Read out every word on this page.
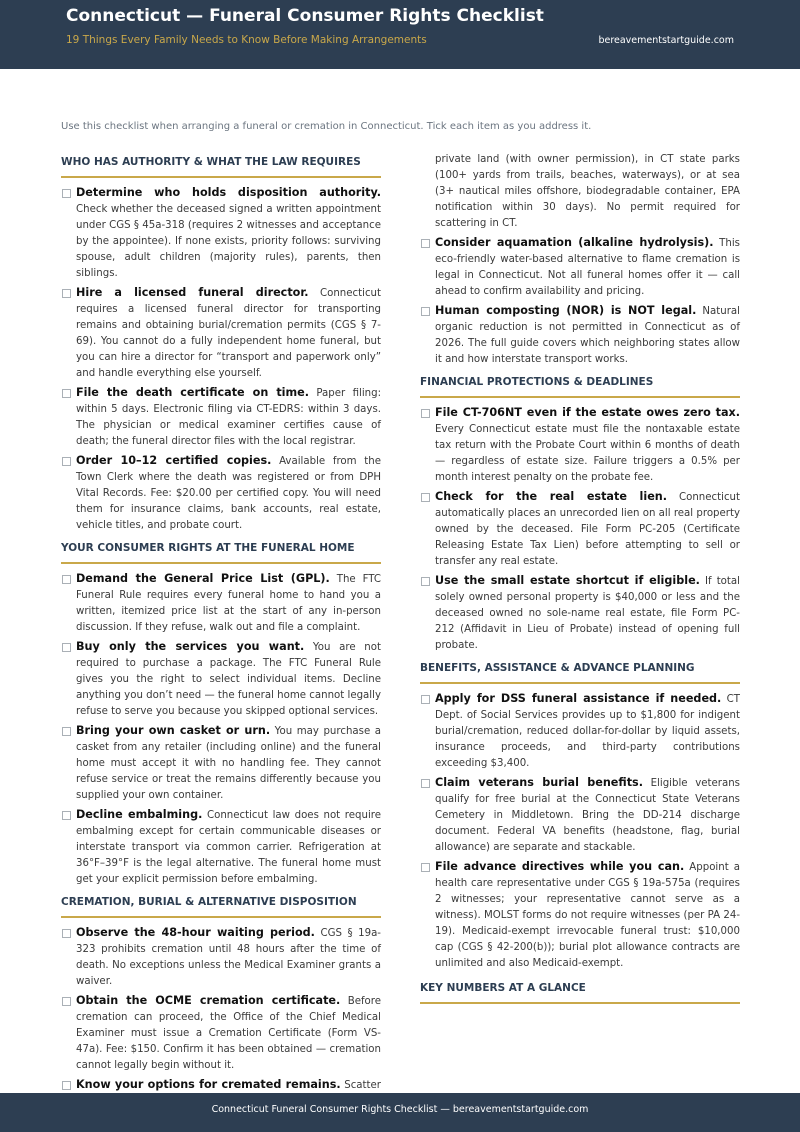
Connecticut — Funeral Consumer Rights Checklist
19 Things Every Family Needs to Know Before Making Arrangements	bereavementstartguide.com
Use this checklist when arranging a funeral or cremation in Connecticut. Tick each item as you address it.
WHO HAS AUTHORITY & WHAT THE LAW REQUIRES
Determine who holds disposition authority. Check whether the deceased signed a written appointment under CGS § 45a-318 (requires 2 witnesses and acceptance by the appointee). If none exists, priority follows: surviving spouse, adult children (majority rules), parents, then siblings.
Hire a licensed funeral director. Connecticut requires a licensed funeral director for transporting remains and obtaining burial/cremation permits (CGS § 7-69). You cannot do a fully independent home funeral, but you can hire a director for “transport and paperwork only” and handle everything else yourself.
File the death certificate on time. Paper filing: within 5 days. Electronic filing via CT-EDRS: within 3 days. The physician or medical examiner certifies cause of death; the funeral director files with the local registrar.
Order 10–12 certified copies. Available from the Town Clerk where the death was registered or from DPH Vital Records. Fee: $20.00 per certified copy. You will need them for insurance claims, bank accounts, real estate, vehicle titles, and probate court.
YOUR CONSUMER RIGHTS AT THE FUNERAL HOME
Demand the General Price List (GPL). The FTC Funeral Rule requires every funeral home to hand you a written, itemized price list at the start of any in-person discussion. If they refuse, walk out and file a complaint.
Buy only the services you want. You are not required to purchase a package. The FTC Funeral Rule gives you the right to select individual items. Decline anything you don’t need — the funeral home cannot legally refuse to serve you because you skipped optional services.
Bring your own casket or urn. You may purchase a casket from any retailer (including online) and the funeral home must accept it with no handling fee. They cannot refuse service or treat the remains differently because you supplied your own container.
Decline embalming. Connecticut law does not require embalming except for certain communicable diseases or interstate transport via common carrier. Refrigeration at 36°F–39°F is the legal alternative. The funeral home must get your explicit permission before embalming.
CREMATION, BURIAL & ALTERNATIVE DISPOSITION
Observe the 48-hour waiting period. CGS § 19a-323 prohibits cremation until 48 hours after the time of death. No exceptions unless the Medical Examiner grants a waiver.
Obtain the OCME cremation certificate. Before cremation can proceed, the Office of the Chief Medical Examiner must issue a Cremation Certificate (Form VS-47a). Fee: $150. Confirm it has been obtained — cremation cannot legally begin without it.
Know your options for cremated remains. Scatter
private land (with owner permission), in CT state parks (100+ yards from trails, beaches, waterways), or at sea (3+ nautical miles offshore, biodegradable container, EPA notification within 30 days). No permit required for scattering in CT.
Consider aquamation (alkaline hydrolysis). This eco-friendly water-based alternative to flame cremation is legal in Connecticut. Not all funeral homes offer it — call ahead to confirm availability and pricing.
Human composting (NOR) is NOT legal. Natural organic reduction is not permitted in Connecticut as of 2026. The full guide covers which neighboring states allow it and how interstate transport works.
FINANCIAL PROTECTIONS & DEADLINES
File CT-706NT even if the estate owes zero tax. Every Connecticut estate must file the nontaxable estate tax return with the Probate Court within 6 months of death — regardless of estate size. Failure triggers a 0.5% per month interest penalty on the probate fee.
Check for the real estate lien. Connecticut automatically places an unrecorded lien on all real property owned by the deceased. File Form PC-205 (Certificate Releasing Estate Tax Lien) before attempting to sell or transfer any real estate.
Use the small estate shortcut if eligible. If total solely owned personal property is $40,000 or less and the deceased owned no sole-name real estate, file Form PC-212 (Affidavit in Lieu of Probate) instead of opening full probate.
BENEFITS, ASSISTANCE & ADVANCE PLANNING
Apply for DSS funeral assistance if needed. CT Dept. of Social Services provides up to $1,800 for indigent burial/cremation, reduced dollar-for-dollar by liquid assets, insurance proceeds, and third-party contributions exceeding $3,400.
Claim veterans burial benefits. Eligible veterans qualify for free burial at the Connecticut State Veterans Cemetery in Middletown. Bring the DD-214 discharge document. Federal VA benefits (headstone, flag, burial allowance) are separate and stackable.
File advance directives while you can. Appoint a health care representative under CGS § 19a-575a (requires 2 witnesses; your representative cannot serve as a witness). MOLST forms do not require witnesses (per PA 24-19). Medicaid-exempt irrevocable funeral trust: $10,000 cap (CGS § 42-200(b)); burial plot allowance contracts are unlimited and also Medicaid-exempt.
KEY NUMBERS AT A GLANCE
Connecticut Funeral Consumer Rights Checklist — bereavementstartguide.com
